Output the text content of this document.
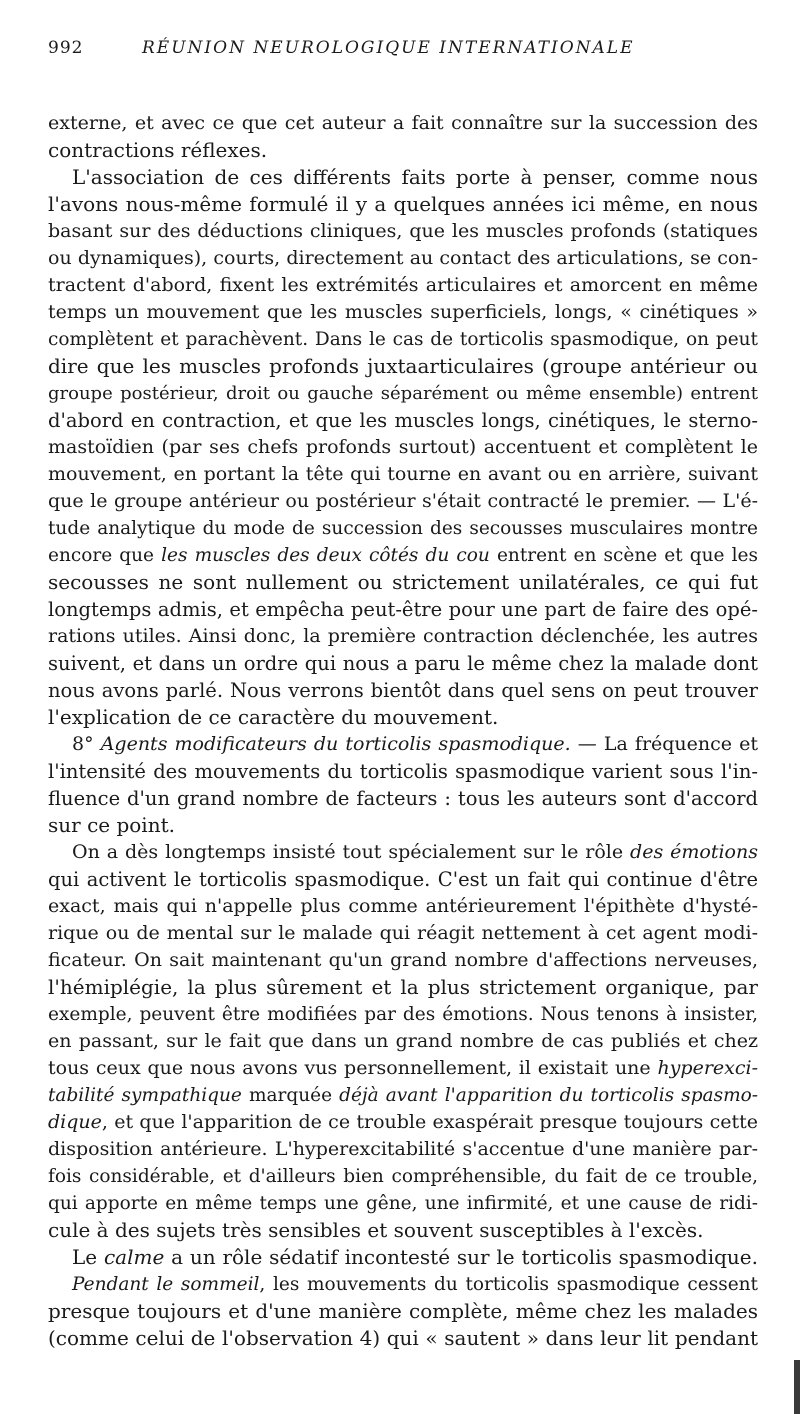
992	RÉUNION NEUROLOGIQUE INTERNATIONALE

externe, et avec ce que cet auteur a fait connaître sur la succession des
contractions réflexes.

L'association de ces différents faits porte à penser, comme nous
l'avons nous-même formulé il y a quelques années ici même, en nous
basant sur des déductions cliniques, que les muscles profonds (statiques
ou dynamiques), courts, directement au contact des articulations, se con-
tractent d'abord, fixent les extrémités articulaires et amorcent en même
temps un mouvement que les muscles superficiels, longs, « cinétiques »
complètent et parachèvent. Dans le cas de torticolis spasmodique, on peut
dire que les muscles profonds juxtaarticulaires (groupe antérieur ou
groupe postérieur, droit ou gauche séparément ou même ensemble) entrent
d'abord en contraction, et que les muscles longs, cinétiques, le sterno-
mastoïdien (par ses chefs profonds surtout) accentuent et complètent le
mouvement, en portant la tête qui tourne en avant ou en arrière, suivant
que le groupe antérieur ou postérieur s'était contracté le premier. — L'é-
tude analytique du mode de succession des secousses musculaires montre
encore que les muscles des deux côtés du cou entrent en scène et que les
secousses ne sont nullement ou strictement unilatérales, ce qui fut
longtemps admis, et empêcha peut-être pour une part de faire des opé-
rations utiles. Ainsi donc, la première contraction déclenchée, les autres
suivent, et dans un ordre qui nous a paru le même chez la malade dont
nous avons parlé. Nous verrons bientôt dans quel sens on peut trouver
l'explication de ce caractère du mouvement.

8° Agents modificateurs du torticolis spasmodique. — La fréquence et
l'intensité des mouvements du torticolis spasmodique varient sous l'in-
fluence d'un grand nombre de facteurs : tous les auteurs sont d'accord
sur ce point.

On a dès longtemps insisté tout spécialement sur le rôle des émotions
qui activent le torticolis spasmodique. C'est un fait qui continue d'être
exact, mais qui n'appelle plus comme antérieurement l'épithète d'hysté-
rique ou de mental sur le malade qui réagit nettement à cet agent modi-
ficateur. On sait maintenant qu'un grand nombre d'affections nerveuses,
l'hémiplégie, la plus sûrement et la plus strictement organique, par
exemple, peuvent être modifiées par des émotions. Nous tenons à insister,
en passant, sur le fait que dans un grand nombre de cas publiés et chez
tous ceux que nous avons vus personnellement, il existait une hyperexci-
tabilité sympathique marquée déjà avant l'apparition du torticolis spasmo-
dique, et que l'apparition de ce trouble exaspérait presque toujours cette
disposition antérieure. L'hyperexcitabilité s'accentue d'une manière par-
fois considérable, et d'ailleurs bien compréhensible, du fait de ce trouble,
qui apporte en même temps une gêne, une infirmité, et une cause de ridi-
cule à des sujets très sensibles et souvent susceptibles à l'excès.

Le calme a un rôle sédatif incontesté sur le torticolis spasmodique.

Pendant le sommeil, les mouvements du torticolis spasmodique cessent
presque toujours et d'une manière complète, même chez les malades
(comme celui de l'observation 4) qui « sautent » dans leur lit pendant
